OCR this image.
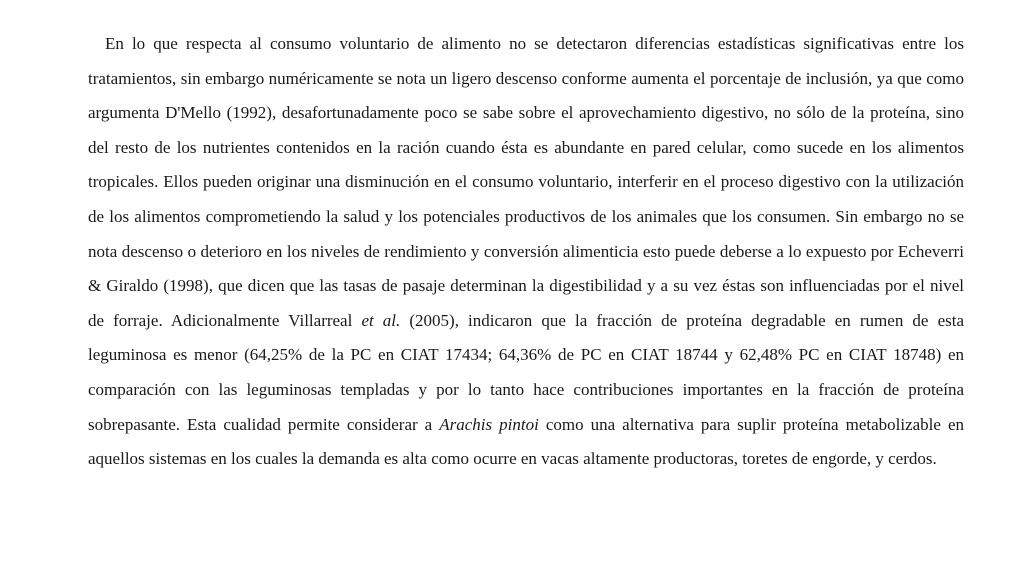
En lo que respecta al consumo voluntario de alimento no se detectaron diferencias estadísticas significativas entre los tratamientos, sin embargo numéricamente se nota un ligero descenso conforme aumenta el porcentaje de inclusión, ya que como argumenta D'Mello (1992), desafortunadamente poco se sabe sobre el aprovechamiento digestivo, no sólo de la proteína, sino del resto de los nutrientes contenidos en la ración cuando ésta es abundante en pared celular, como sucede en los alimentos tropicales. Ellos pueden originar una disminución en el consumo voluntario, interferir en el proceso digestivo con la utilización de los alimentos comprometiendo la salud y los potenciales productivos de los animales que los consumen. Sin embargo no se nota descenso o deterioro en los niveles de rendimiento y conversión alimenticia esto puede deberse a lo expuesto por Echeverri & Giraldo (1998), que dicen que las tasas de pasaje determinan la digestibilidad y a su vez éstas son influenciadas por el nivel de forraje. Adicionalmente Villarreal et al. (2005), indicaron que la fracción de proteína degradable en rumen de esta leguminosa es menor (64,25% de la PC en CIAT 17434; 64,36% de PC en CIAT 18744 y 62,48% PC en CIAT 18748) en comparación con las leguminosas templadas y por lo tanto hace contribuciones importantes en la fracción de proteína sobrepasante. Esta cualidad permite considerar a Arachis pintoi como una alternativa para suplir proteína metabolizable en aquellos sistemas en los cuales la demanda es alta como ocurre en vacas altamente productoras, toretes de engorde, y cerdos.
